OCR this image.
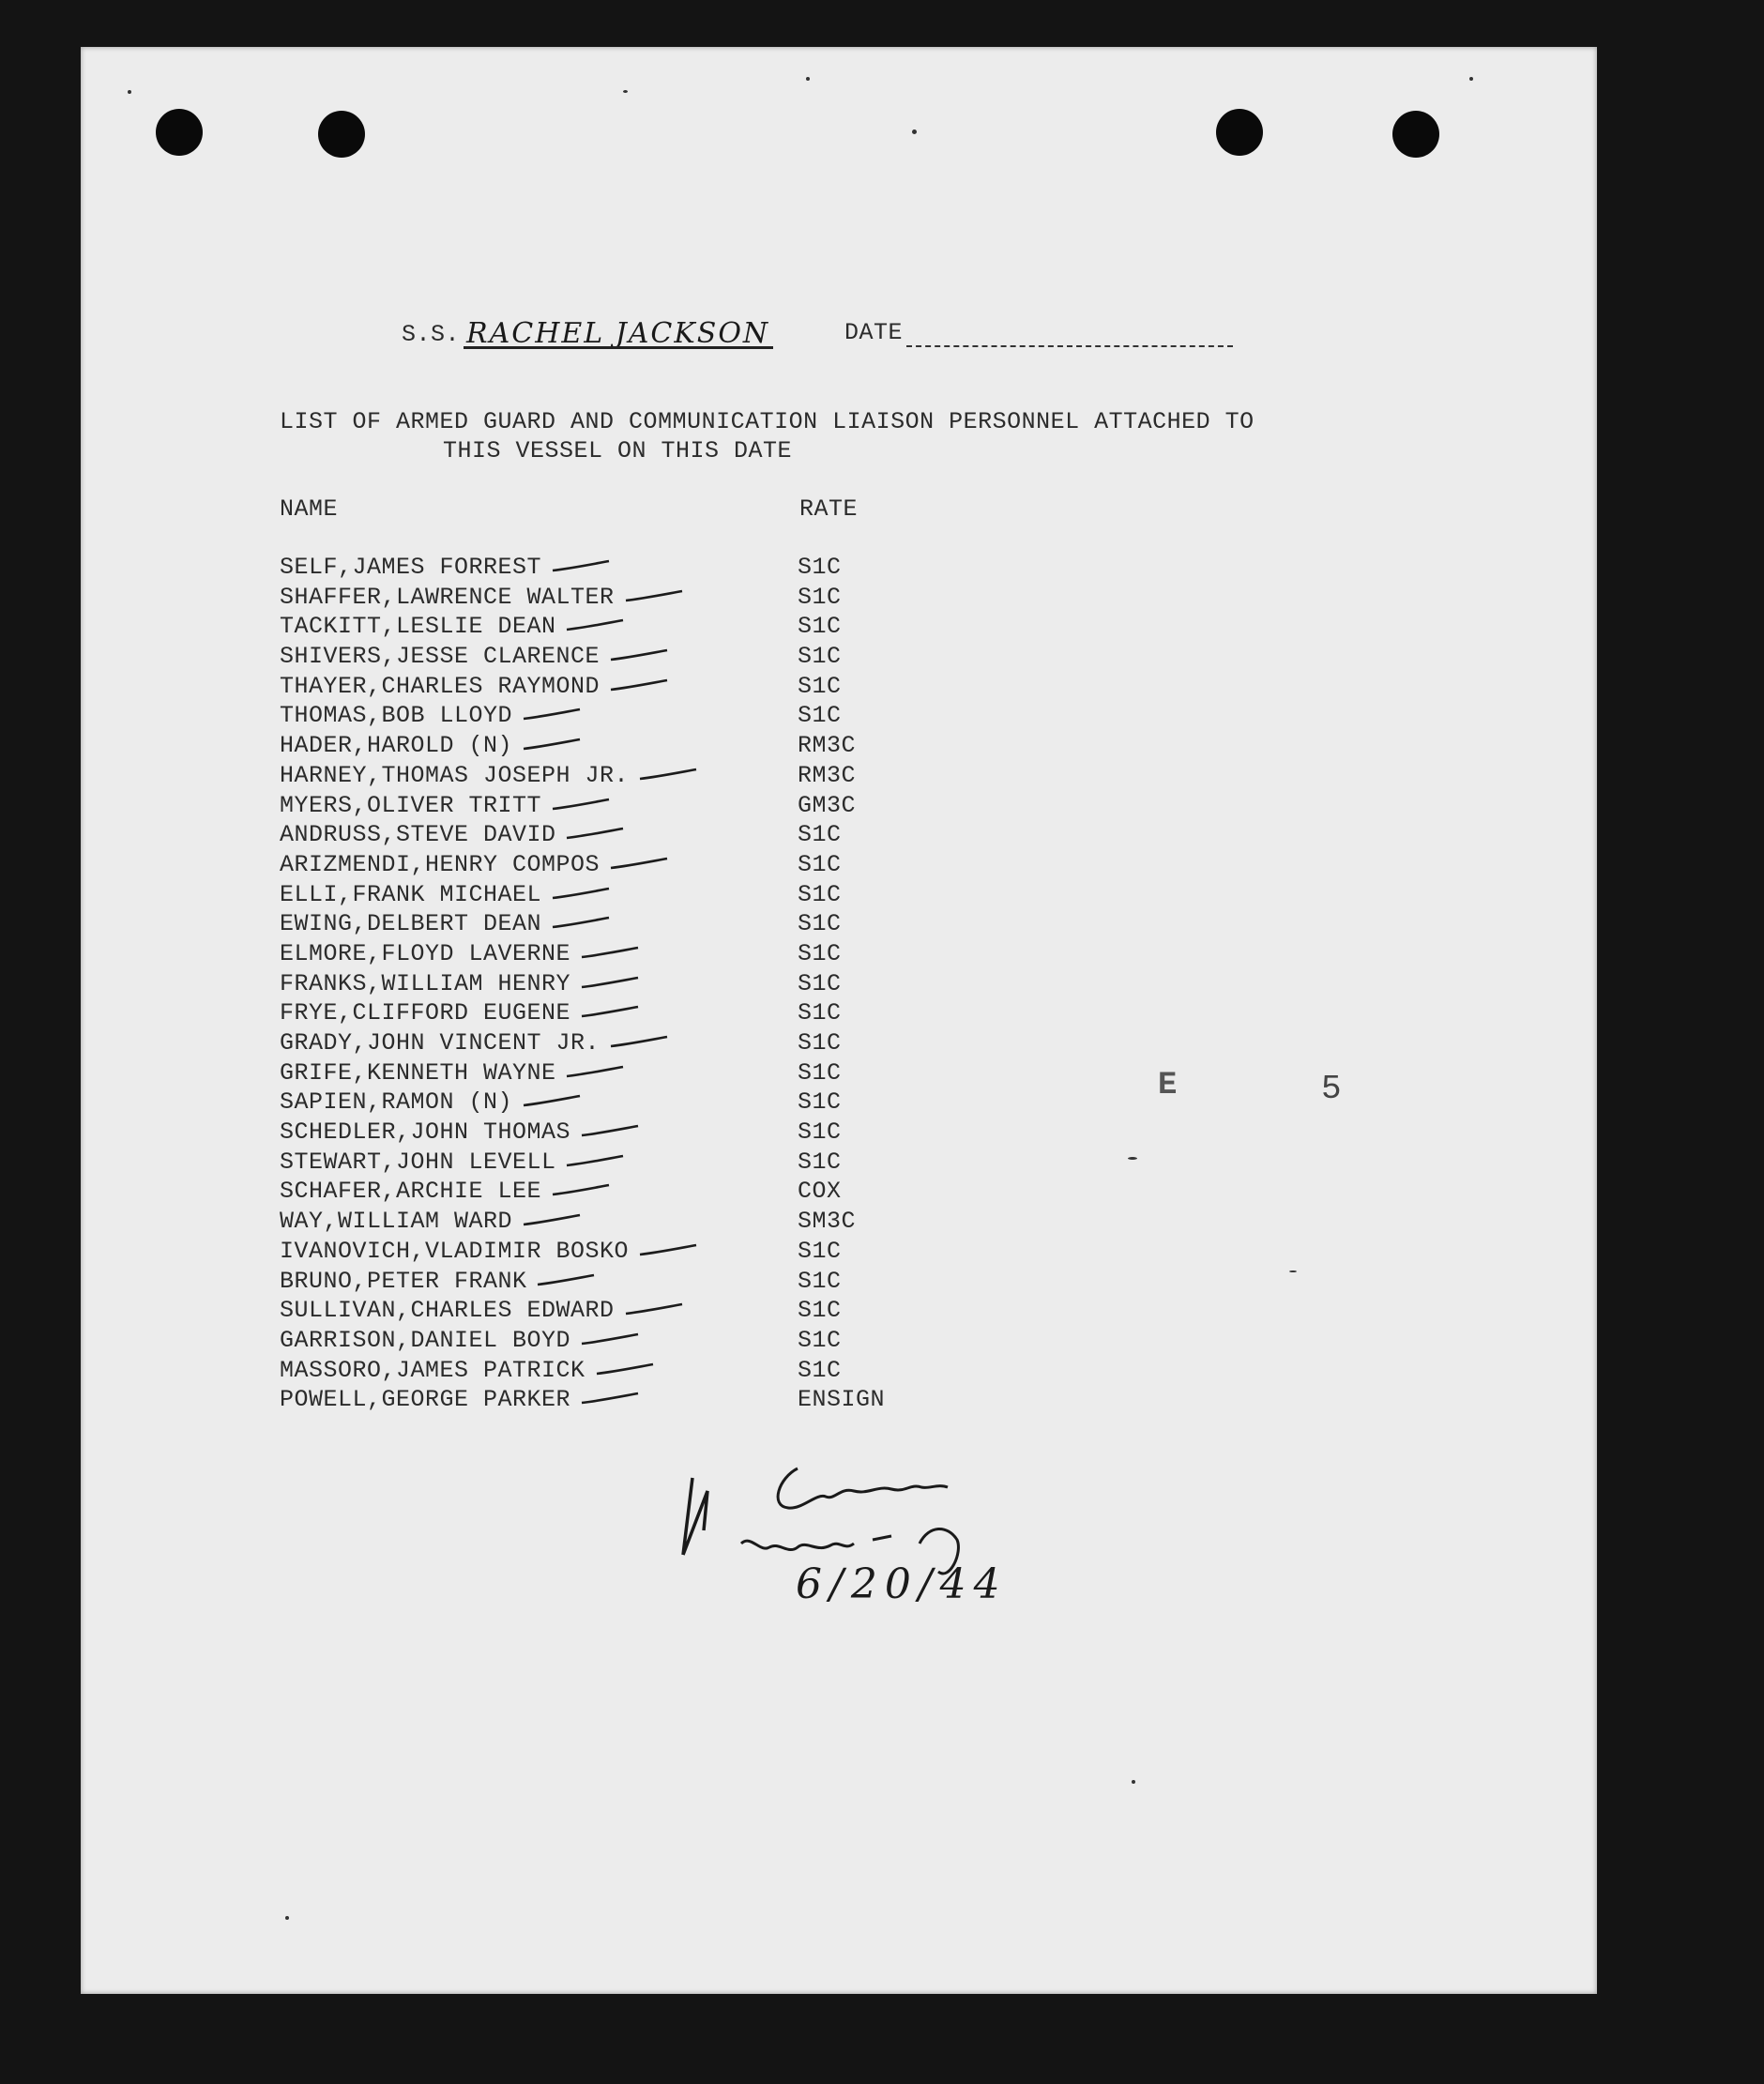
S.S. RACHEL JACKSON	DATE
LIST OF ARMED GUARD AND COMMUNICATION LIAISON PERSONNEL ATTACHED TO
THIS VESSEL ON THIS DATE
NAME	RATE
SELF,JAMES FORREST	S1C
SHAFFER,LAWRENCE WALTER	S1C
TACKITT,LESLIE DEAN	S1C
SHIVERS,JESSE CLARENCE	S1C
THAYER,CHARLES RAYMOND	S1C
THOMAS,BOB LLOYD	S1C
HADER,HAROLD (N)	RM3C
HARNEY,THOMAS JOSEPH JR.	RM3C
MYERS,OLIVER TRITT	GM3C
ANDRUSS,STEVE DAVID	S1C
ARIZMENDI,HENRY COMPOS	S1C
ELLI,FRANK MICHAEL	S1C
EWING,DELBERT DEAN	S1C
ELMORE,FLOYD LAVERNE	S1C
FRANKS,WILLIAM HENRY	S1C
FRYE,CLIFFORD EUGENE	S1C
GRADY,JOHN VINCENT JR.	S1C
GRIFE,KENNETH WAYNE	S1C
SAPIEN,RAMON (N)	S1C
SCHEDLER,JOHN THOMAS	S1C
STEWART,JOHN LEVELL	S1C
SCHAFER,ARCHIE LEE	COX
WAY,WILLIAM WARD	SM3C
IVANOVICH,VLADIMIR BOSKO	S1C
BRUNO,PETER FRANK	S1C
SULLIVAN,CHARLES EDWARD	S1C
GARRISON,DANIEL BOYD	S1C
MASSORO,JAMES PATRICK	S1C
POWELL,GEORGE PARKER	ENSIGN
E	5
6/20/44
